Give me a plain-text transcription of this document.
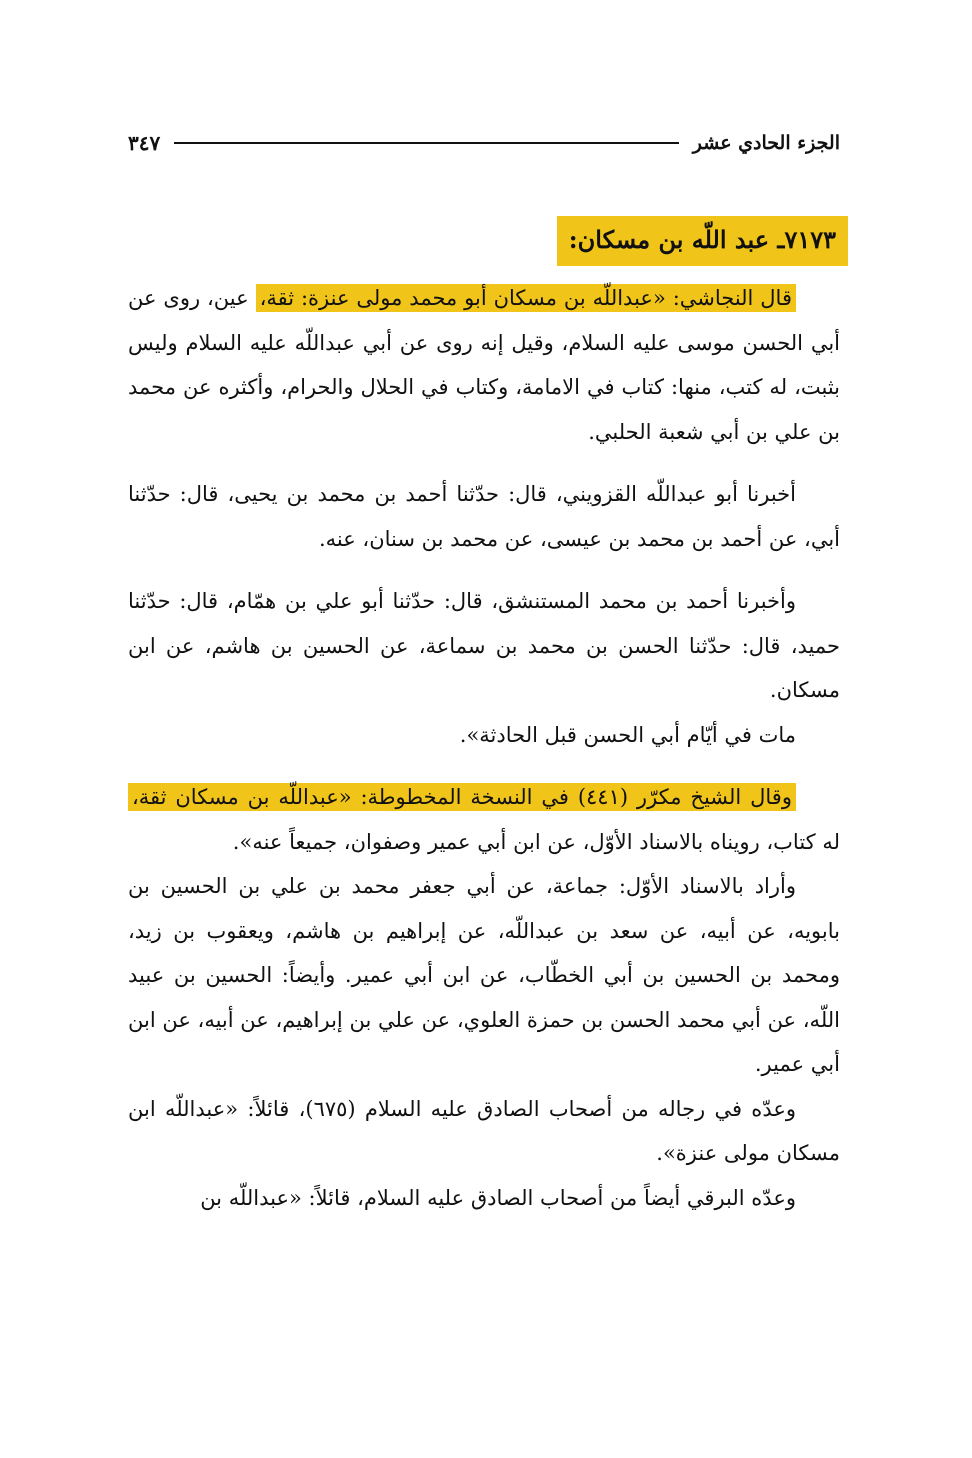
الجزء الحادي عشر
٣٤٧
٧١٧٣ـ عبد اللّه بن مسكان:

قال النجاشي: «عبداللّه بن مسكان أبو محمد مولى عنزة: ثقة، عين، روى عن أبي الحسن موسى عليه السلام، وقيل إنه روى عن أبي عبداللّه عليه السلام وليس بثبت، له كتب، منها: كتاب في الامامة، وكتاب في الحلال والحرام، وأكثره عن محمد بن علي بن أبي شعبة الحلبي.

أخبرنا أبو عبداللّه القزويني، قال: حدّثنا أحمد بن محمد بن يحيى، قال: حدّثنا أبي، عن أحمد بن محمد بن عيسى، عن محمد بن سنان، عنه.

وأخبرنا أحمد بن محمد المستنشق، قال: حدّثنا أبو علي بن همّام، قال: حدّثنا حميد، قال: حدّثنا الحسن بن محمد بن سماعة، عن الحسين بن هاشم، عن ابن مسكان.

مات في أيّام أبي الحسن قبل الحادثة».

وقال الشيخ مكرّر (٤٤١) في النسخة المخطوطة: «عبداللّه بن مسكان ثقة، له كتاب، رويناه بالاسناد الأوّل، عن ابن أبي عمير وصفوان، جميعاً عنه».

وأراد بالاسناد الأوّل: جماعة، عن أبي جعفر محمد بن علي بن الحسين بن بابويه، عن أبيه، عن سعد بن عبداللّه، عن إبراهيم بن هاشم، ويعقوب بن زيد، ومحمد بن الحسين بن أبي الخطّاب، عن ابن أبي عمير. وأيضاً: الحسين بن عبيد اللّه، عن أبي محمد الحسن بن حمزة العلوي، عن علي بن إبراهيم، عن أبيه، عن ابن أبي عمير.

وعدّه في رجاله من أصحاب الصادق عليه السلام (٦٧٥)، قائلاً: «عبداللّه ابن مسكان مولى عنزة».

وعدّه البرقي أيضاً من أصحاب الصادق عليه السلام، قائلاً: «عبداللّه بن
